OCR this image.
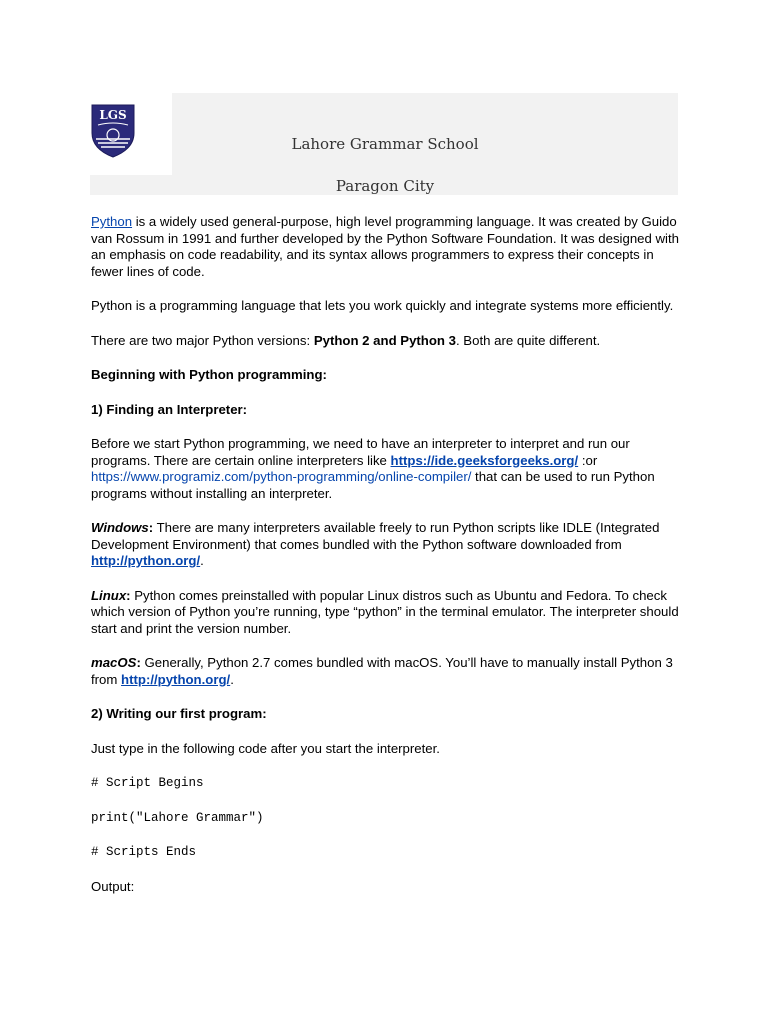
LGS
Lahore Grammar School
Paragon City

Python is a widely used general-purpose, high level programming language. It was created by Guido van Rossum in 1991 and further developed by the Python Software Foundation. It was designed with an emphasis on code readability, and its syntax allows programmers to express their concepts in fewer lines of code.

Python is a programming language that lets you work quickly and integrate systems more efficiently.

There are two major Python versions: Python 2 and Python 3. Both are quite different.

Beginning with Python programming:

1) Finding an Interpreter:

Before we start Python programming, we need to have an interpreter to interpret and run our programs. There are certain online interpreters like https://ide.geeksforgeeks.org/ :or https://www.programiz.com/python-programming/online-compiler/ that can be used to run Python programs without installing an interpreter.

Windows: There are many interpreters available freely to run Python scripts like IDLE (Integrated Development Environment) that comes bundled with the Python software downloaded from http://python.org/.

Linux: Python comes preinstalled with popular Linux distros such as Ubuntu and Fedora. To check which version of Python you’re running, type “python” in the terminal emulator. The interpreter should start and print the version number.

macOS: Generally, Python 2.7 comes bundled with macOS. You’ll have to manually install Python 3 from http://python.org/.

2) Writing our first program:

Just type in the following code after you start the interpreter.

# Script Begins
print("Lahore Grammar")
# Scripts Ends

Output:
